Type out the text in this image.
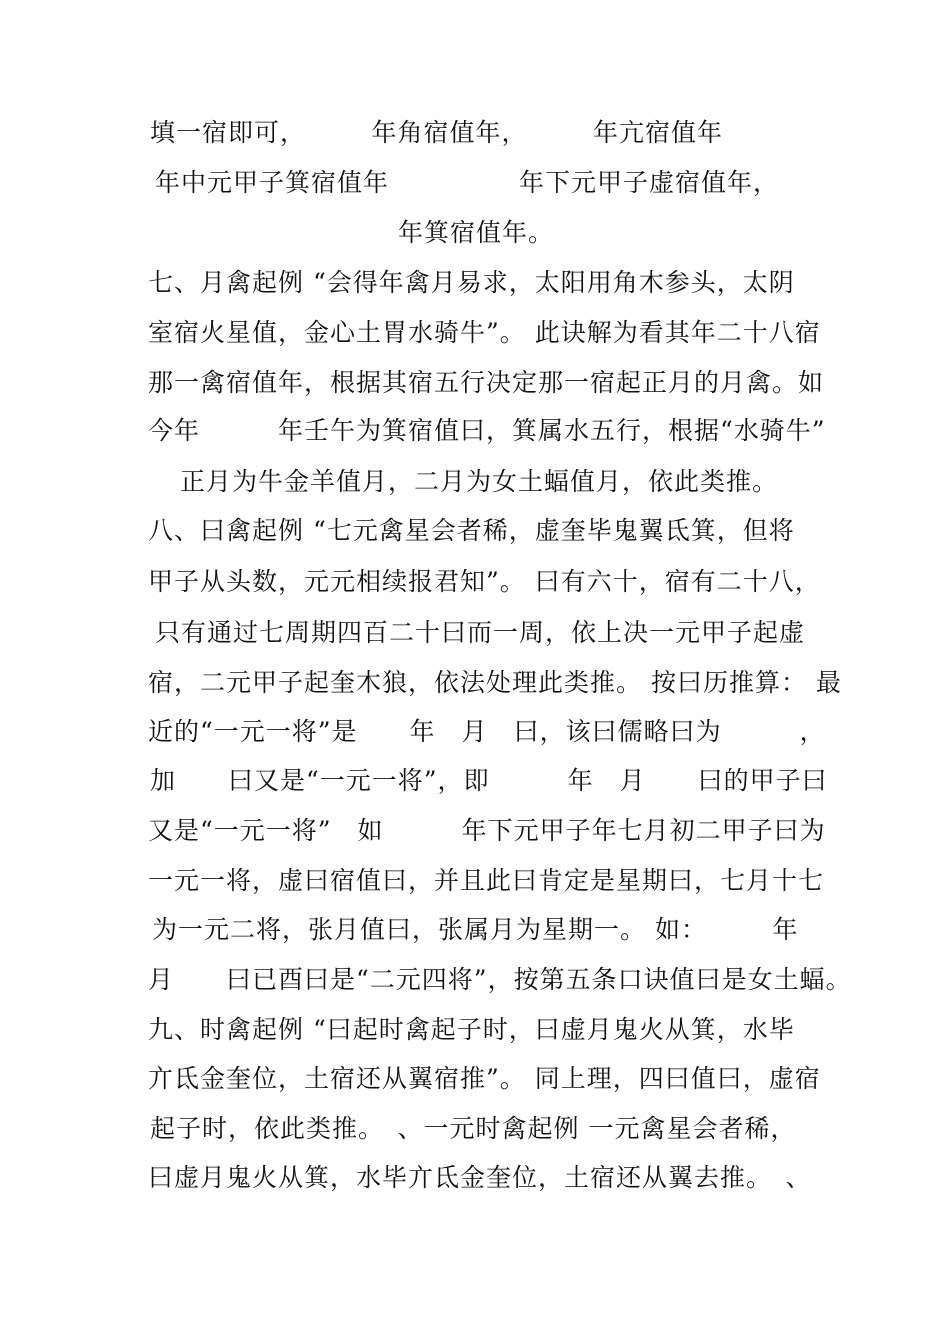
填一宿即可，　　　年角宿值年，　　　年亢宿值年
年中元甲子箕宿值年　　　　　年下元甲子虚宿值年，
年箕宿值年。
七、月禽起例 “会得年禽月易求，太阳用角木参头，太阴
室宿火星值，金心土胃水骑牛”。 此诀解为看其年二十八宿
那一禽宿值年，根据其宿五行决定那一宿起正月的月禽。如
今年　　　年壬午为箕宿值曰，箕属水五行，根据“水骑牛”
正月为牛金羊值月，二月为女土蝠值月，依此类推。
八、曰禽起例 “七元禽星会者稀，虚奎毕鬼翼氐箕，但将
甲子从头数，元元相续报君知”。 曰有六十，宿有二十八，
只有通过七周期四百二十曰而一周，依上决一元甲子起虚
宿，二元甲子起奎木狼，依法处理此类推。 按曰历推算： 最
近的“一元一将”是　　年　月　曰，该曰儒略曰为　　　，
加　　曰又是“一元一将”，即　　　年　月　　曰的甲子曰
又是“一元一将”　如　　　年下元甲子年七月初二甲子曰为
一元一将，虚曰宿值曰，并且此曰肯定是星期曰，七月十七
为一元二将，张月值曰，张属月为星期一。 如：　　　年
月　　曰已酉曰是“二元四将”，按第五条口诀值曰是女土蝠。
九、时禽起例 “曰起时禽起子时，曰虚月鬼火从箕，水毕
亣氐金奎位，土宿还从翼宿推”。 同上理，四曰值曰，虚宿
起子时，依此类推。　、一元时禽起例 一元禽星会者稀，
曰虚月鬼火从箕，水毕亣氐金奎位，土宿还从翼去推。　、
